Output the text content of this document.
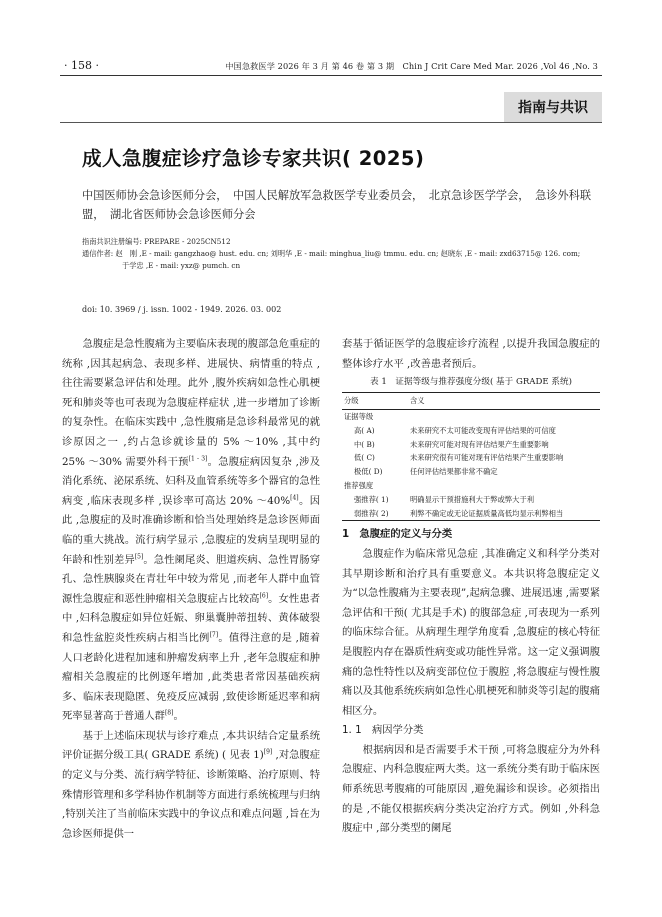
· 158 ·	中国急救医学 2026 年 3 月 第 46 卷 第 3 期　Chin J Crit Care Med Mar. 2026 ,Vol 46 ,No. 3
指南与共识
成人急腹症诊疗急诊专家共识( 2025)
中国医师协会急诊医师分会，　中国人民解放军急救医学专业委员会，　北京急诊医学学会，　急诊外科联盟，　湖北省医师协会急诊医师分会
指南共识注册编号: PREPARE - 2025CN512
通信作者: 赵　刚 ,E - mail: gangzhao@ hust. edu. cn; 刘明华 ,E - mail: minghua_liu@ tmmu. edu. cn; 赵晓东 ,E - mail: zxd63715@ 126. com;
于学忠 ,E - mail: yxz@ pumch. cn
doi: 10. 3969 / j. issn. 1002 - 1949. 2026. 03. 002

急腹症是急性腹痛为主要临床表现的腹部急危重症的统称 ,因其起病急、表现多样、进展快、病情重的特点 ,往往需要紧急评估和处理。此外 ,腹外疾病如急性心肌梗死和肺炎等也可表现为急腹症样症状 ,进一步增加了诊断的复杂性。在临床实践中 ,急性腹痛是急诊科最常见的就诊原因之一 ,约占急诊就诊量的 5% ～10% ,其中约 25% ～30% 需要外科干预[1 - 3]。急腹症病因复杂 ,涉及消化系统、泌尿系统、妇科及血管系统等多个器官的急性病变 ,临床表现多样 ,误诊率可高达 20% ～40%[4]。因此 ,急腹症的及时准确诊断和恰当处理始终是急诊医师面临的重大挑战。流行病学显示 ,急腹症的发病呈现明显的年龄和性别差异[5]。急性阑尾炎、胆道疾病、急性胃肠穿孔、急性胰腺炎在青壮年中较为常见 ,而老年人群中血管源性急腹症和恶性肿瘤相关急腹症占比较高[6]。女性患者中 ,妇科急腹症如异位妊娠、卵巢囊肿蒂扭转、黄体破裂和急性盆腔炎性疾病占相当比例[7]。值得注意的是 ,随着人口老龄化进程加速和肿瘤发病率上升 ,老年急腹症和肿瘤相关急腹症的比例逐年增加 ,此类患者常因基础疾病多、临床表现隐匿、免疫反应减弱 ,致使诊断延迟率和病死率显著高于普通人群[8]。

基于上述临床现状与诊疗难点 ,本共识结合定量系统评价证据分级工具( GRADE 系统) ( 见表 1)[9] ,对急腹症的定义与分类、流行病学特征、诊断策略、治疗原则、特殊情形管理和多学科协作机制等方面进行系统梳理与归纳 ,特别关注了当前临床实践中的争议点和难点问题 ,旨在为急诊医师提供一

套基于循证医学的急腹症诊疗流程 ,以提升我国急腹症的整体诊疗水平 ,改善患者预后。

表 1　证据等级与推荐强度分级( 基于 GRADE 系统)
分级	含义
证据等级	
高( A)	未来研究不太可能改变现有评估结果的可信度
中( B)	未来研究可能对现有评估结果产生重要影响
低( C)	未来研究很有可能对现有评估结果产生重要影响
极低( D)	任何评估结果都非常不确定
推荐强度	
强推荐( 1)	明确显示干预措施利大于弊或弊大于利
弱推荐( 2)	利弊不确定或无论证据质量高低均显示利弊相当
1　急腹症的定义与分类

急腹症作为临床常见急症 ,其准确定义和科学分类对其早期诊断和治疗具有重要意义。本共识将急腹症定义为“以急性腹痛为主要表现”,起病急骤、进展迅速 ,需要紧急评估和干预( 尤其是手术) 的腹部急症 ,可表现为一系列的临床综合征。从病理生理学角度看 ,急腹症的核心特征是腹腔内存在器质性病变或功能性异常。这一定义强调腹痛的急性特性以及病变部位位于腹腔 ,将急腹症与慢性腹痛以及其他系统疾病如急性心肌梗死和肺炎等引起的腹痛相区分。

1. 1　病因学分类

根据病因和是否需要手术干预 ,可将急腹症分为外科急腹症、内科急腹症两大类。这一系统分类有助于临床医师系统思考腹痛的可能原因 ,避免漏诊和误诊。必须指出的是 ,不能仅根据疾病分类决定治疗方式。例如 ,外科急腹症中 ,部分类型的阑尾
